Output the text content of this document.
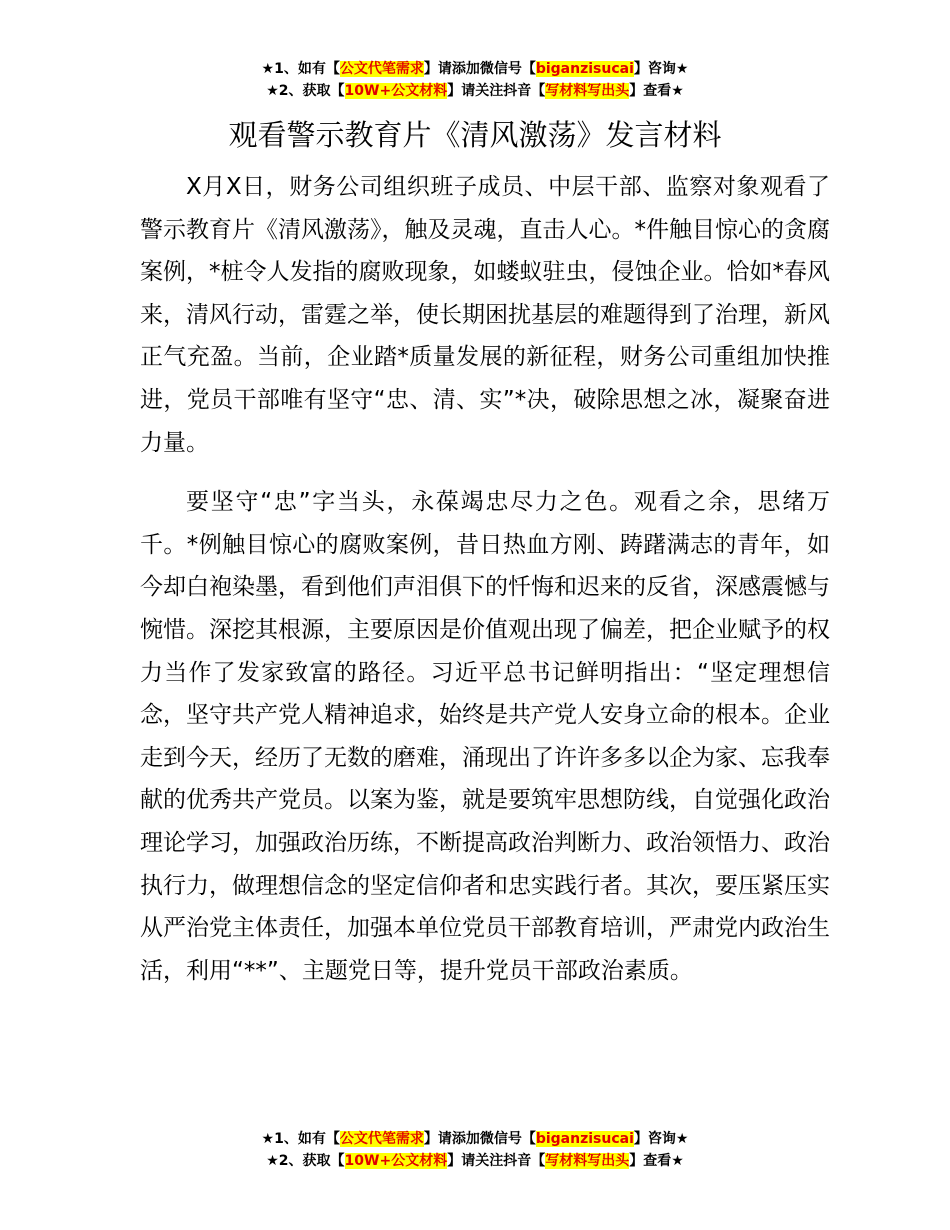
★1、如有【公文代笔需求】请添加微信号【biganzisucai】咨询★
★2、获取【10W+公文材料】请关注抖音【写材料写出头】查看★
观看警示教育片《清风激荡》发言材料

X月X日，财务公司组织班子成员、中层干部、监察对象观看了警示教育片《清风激荡》，触及灵魂，直击人心。*件触目惊心的贪腐案例，*桩令人发指的腐败现象，如蝼蚁驻虫，侵蚀企业。恰如*春风来，清风行动，雷霆之举，使长期困扰基层的难题得到了治理，新风正气充盈。当前，企业踏*质量发展的新征程，财务公司重组加快推进，党员干部唯有坚守“忠、清、实”*决，破除思想之冰，凝聚奋进力量。

要坚守“忠”字当头，永葆竭忠尽力之色。观看之余，思绪万千。*例触目惊心的腐败案例，昔日热血方刚、踌躇满志的青年，如今却白袍染墨，看到他们声泪俱下的忏悔和迟来的反省，深感震憾与惋惜。深挖其根源，主要原因是价值观出现了偏差，把企业赋予的权力当作了发家致富的路径。习近平总书记鲜明指出：“坚定理想信念，坚守共产党人精神追求，始终是共产党人安身立命的根本。企业走到今天，经历了无数的磨难，涌现出了许许多多以企为家、忘我奉献的优秀共产党员。以案为鉴，就是要筑牢思想防线，自觉强化政治理论学习，加强政治历练，不断提高政治判断力、政治领悟力、政治执行力，做理想信念的坚定信仰者和忠实践行者。其次，要压紧压实从严治党主体责任，加强本单位党员干部教育培训，严肃党内政治生活，利用“**”、主题党日等，提升党员干部政治素质。

★1、如有【公文代笔需求】请添加微信号【biganzisucai】咨询★
★2、获取【10W+公文材料】请关注抖音【写材料写出头】查看★
